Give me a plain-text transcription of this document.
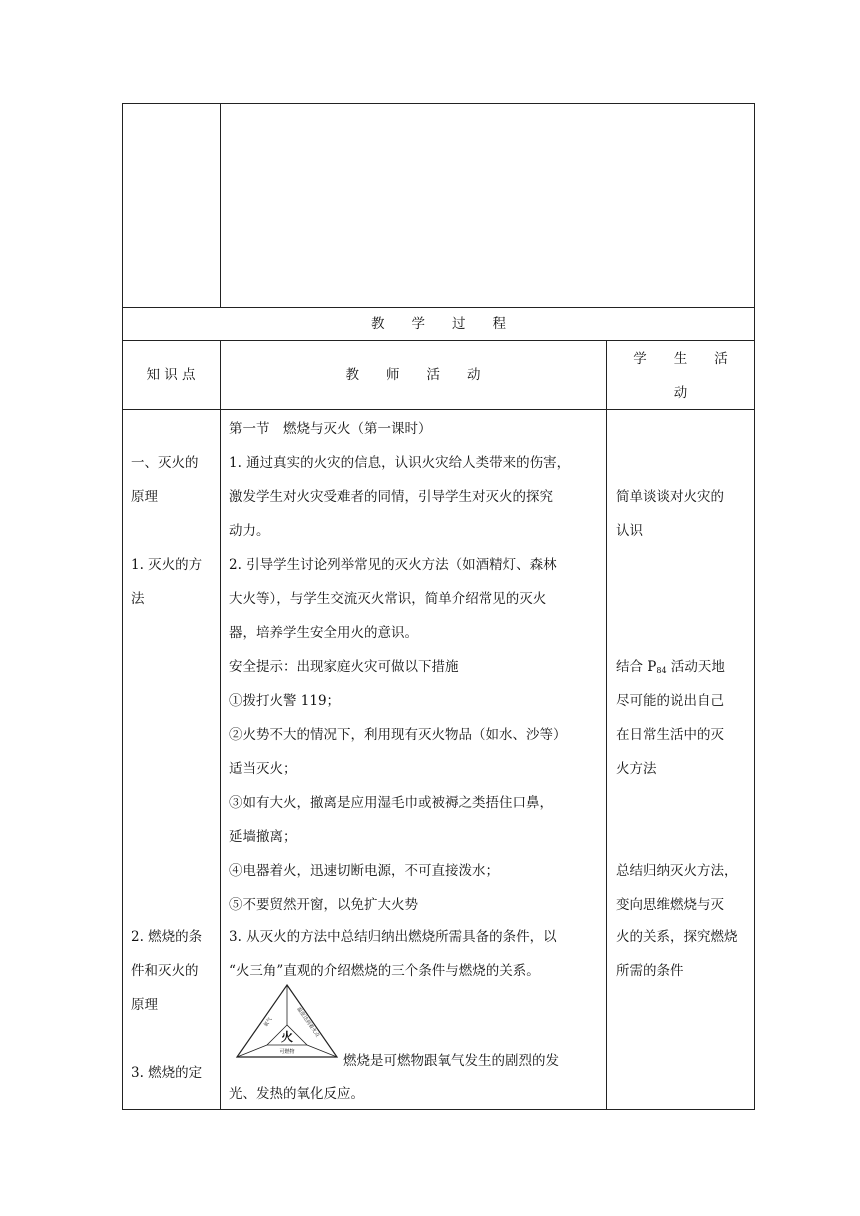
教　　学　　过　　程
知 识 点	教　　师　　活　　动
学　　生　　活
动
一、灭火的
原理
1. 灭火的方
法
2. 燃烧的条
件和灭火的
原理
3. 燃烧的定
第一节　燃烧与灭火（第一课时）
1. 通过真实的火灾的信息，认识火灾给人类带来的伤害，
激发学生对火灾受难者的同情，引导学生对灭火的探究
动力。
2. 引导学生讨论列举常见的灭火方法（如酒精灯、森林
大火等），与学生交流灭火常识，简单介绍常见的灭火
器，培养学生安全用火的意识。
安全提示：出现家庭火灾可做以下措施
①拨打火警 119；
②火势不大的情况下，利用现有灭火物品（如水、沙等）
适当灭火；
③如有大火，撤离是应用湿毛巾或被褥之类捂住口鼻，
延墙撤离；
④电器着火，迅速切断电源，不可直接泼水；
⑤不要贸然开窗，以免扩大火势
3. 从灭火的方法中总结归纳出燃烧所需具备的条件，以
“火三角”直观的介绍燃烧的三个条件与燃烧的关系。
火
可燃物
氧气	温度达到着火点
燃烧是可燃物跟氧气发生的剧烈的发
光、发热的氧化反应。
简单谈谈对火灾的
认识
结合 $P_{84}$ 活动天地
尽可能的说出自己
在日常生活中的灭
火方法
总结归纳灭火方法，
变向思维燃烧与灭
火的关系，探究燃烧
所需的条件
